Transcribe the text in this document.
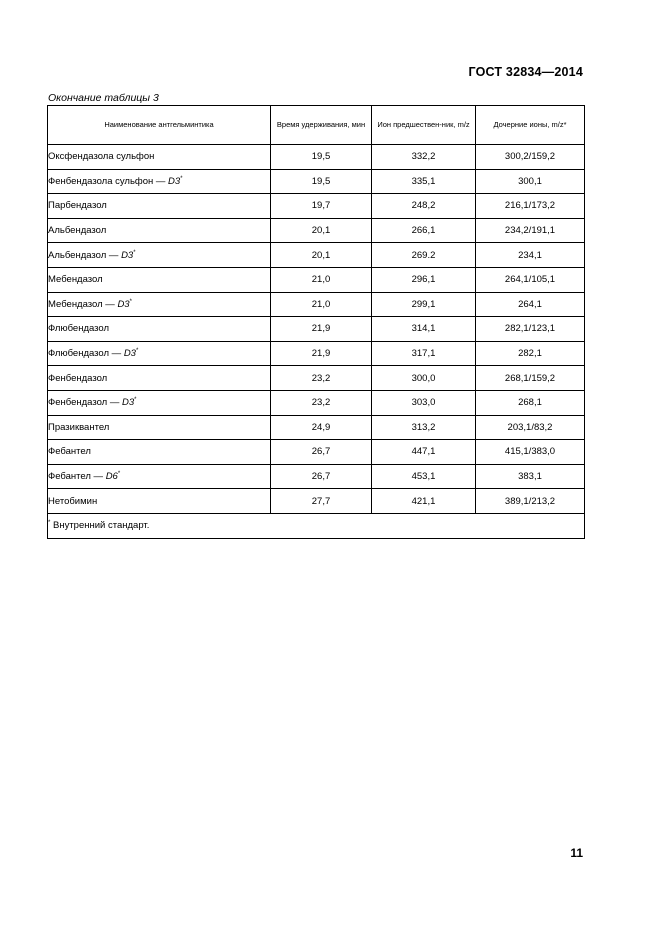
ГОСТ 32834—2014
Окончание таблицы 3
Наименование антгельминтика	Время удерживания, мин	Ион предшествен-ник, m/z	Дочерние ионы, m/z*
Оксфендазола сульфон	19,5	332,2	300,2/159,2
Фенбендазола сульфон — D3*	19,5	335,1	300,1
Парбендазол	19,7	248,2	216,1/173,2
Альбендазол	20,1	266,1	234,2/191,1
Альбендазол — D3*	20,1	269.2	234,1
Мебендазол	21,0	296,1	264,1/105,1
Мебендазол — D3*	21,0	299,1	264,1
Флюбендазол	21,9	314,1	282,1/123,1
Флюбендазол — D3*	21,9	317,1	282,1
Фенбендазол	23,2	300,0	268,1/159,2
Фенбендазол — D3*	23,2	303,0	268,1
Празиквантел	24,9	313,2	203,1/83,2
Фебантел	26,7	447,1	415,1/383,0
Фебантел — D6*	26,7	453,1	383,1
Нетобимин	27,7	421,1	389,1/213,2
* Внутренний стандарт.			
11
